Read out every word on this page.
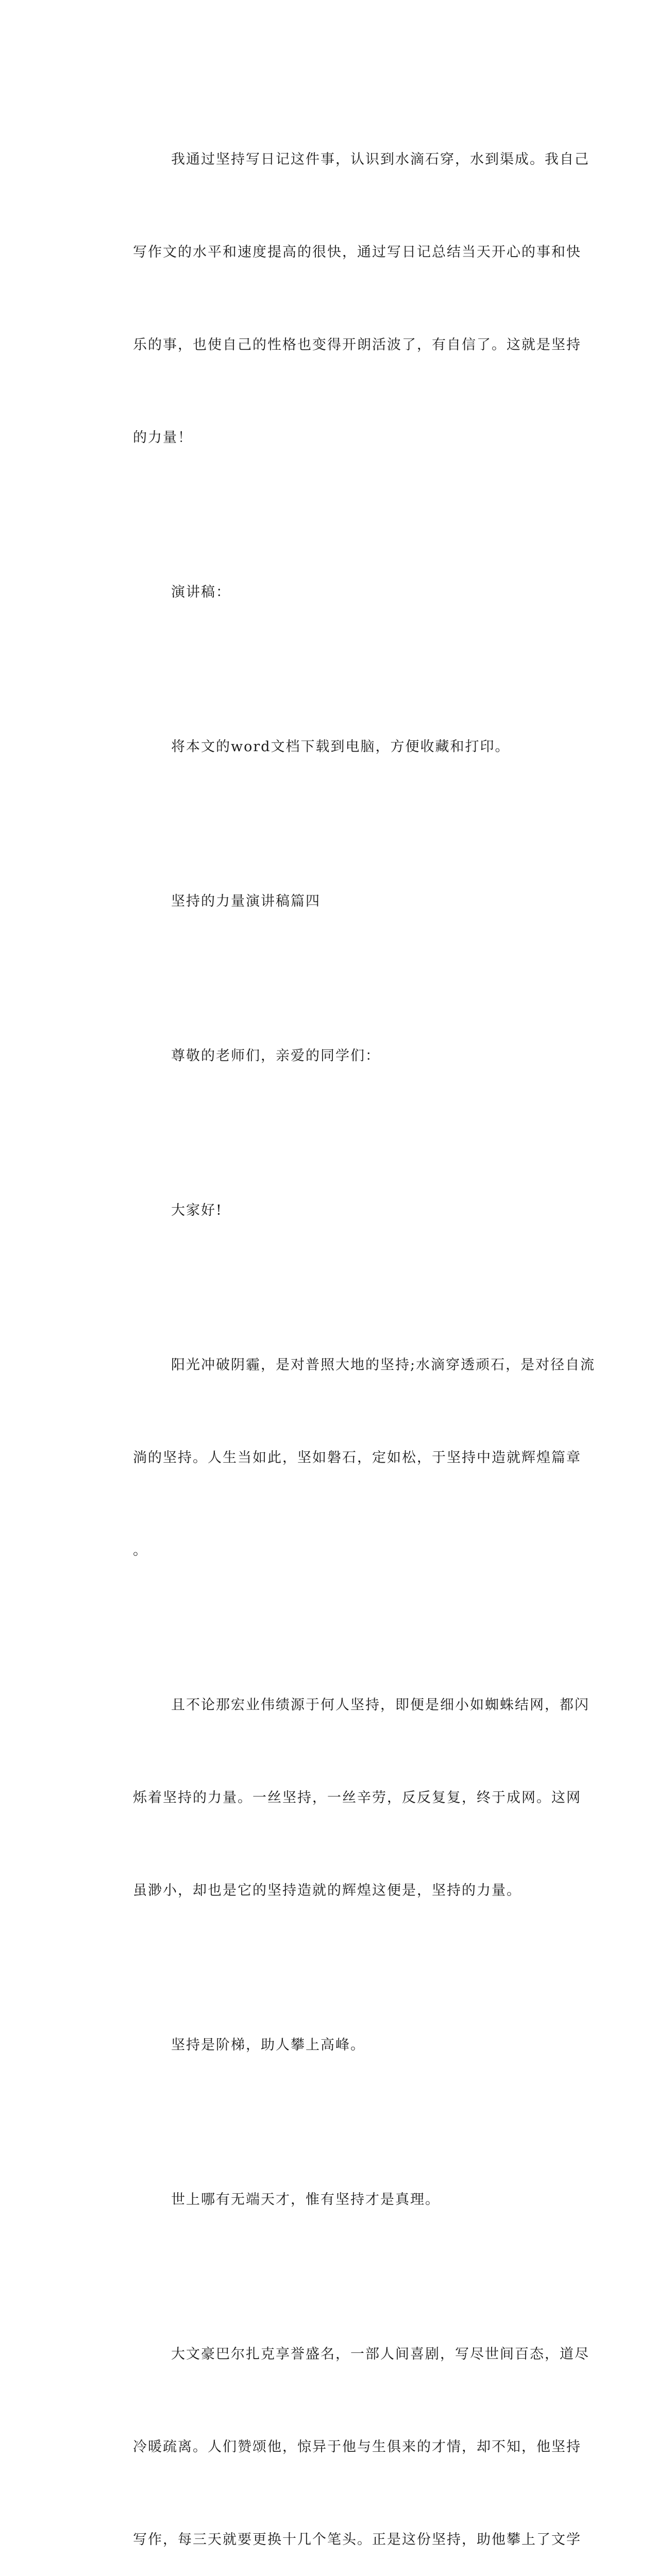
我通过坚持写日记这件事，认识到水滴石穿，水到渠成。我自己

写作文的水平和速度提高的很快，通过写日记总结当天开心的事和快

乐的事，也使自己的性格也变得开朗活波了，有自信了。这就是坚持

的力量！

演讲稿：

将本文的word文档下载到电脑，方便收藏和打印。

坚持的力量演讲稿篇四

尊敬的老师们，亲爱的同学们：

大家好!

阳光冲破阴霾，是对普照大地的坚持;水滴穿透顽石，是对径自流

淌的坚持。人生当如此，坚如磐石，定如松，于坚持中造就辉煌篇章

。

且不论那宏业伟绩源于何人坚持，即便是细小如蜘蛛结网，都闪

烁着坚持的力量。一丝坚持，一丝辛劳，反反复复，终于成网。这网

虽渺小，却也是它的坚持造就的辉煌这便是，坚持的力量。

坚持是阶梯，助人攀上高峰。

世上哪有无端天才，惟有坚持才是真理。

大文豪巴尔扎克享誉盛名，一部人间喜剧，写尽世间百态，道尽

冷暖疏离。人们赞颂他，惊异于他与生俱来的才情，却不知，他坚持

写作，每三天就要更换十几个笔头。正是这份坚持，助他攀上了文学
